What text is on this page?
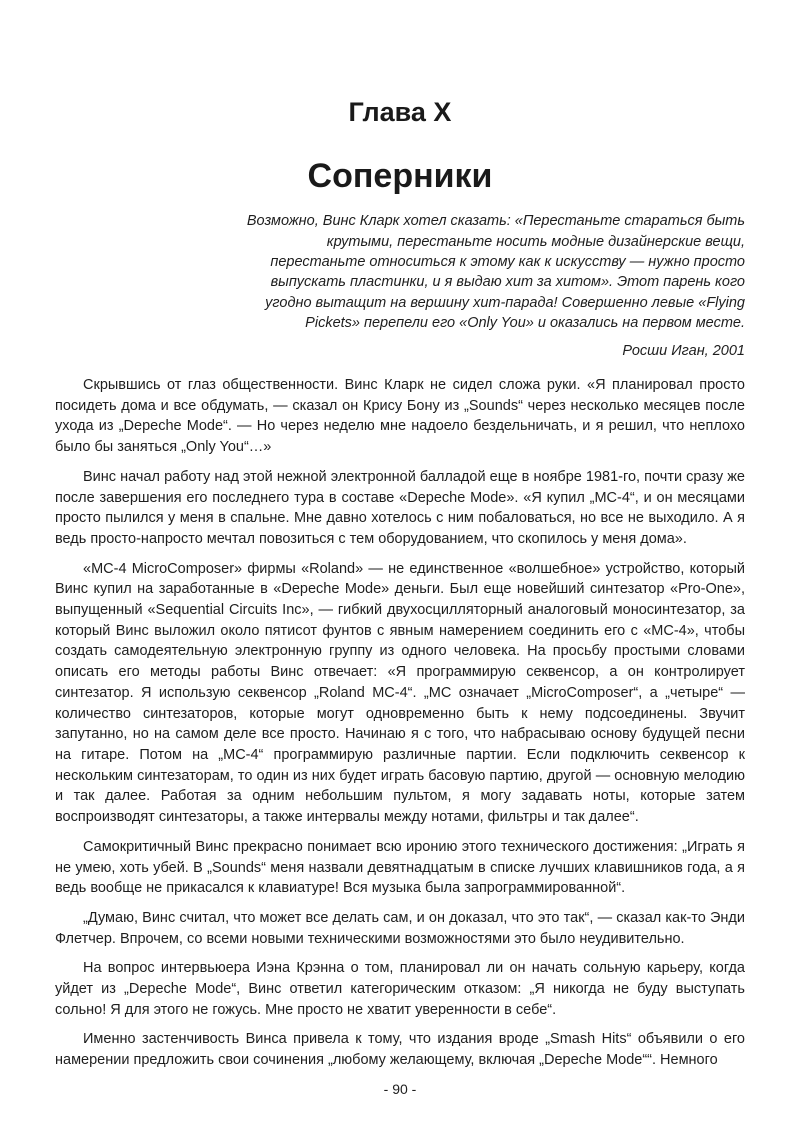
Глава X
Соперники
Возможно, Винс Кларк хотел сказать: «Перестаньте стараться быть крутыми, перестаньте носить модные дизайнерские вещи, перестаньте относиться к этому как к искусству — нужно просто выпускать пластинки, и я выдаю хит за хитом». Этот парень кого угодно вытащит на вершину хит-парада! Совершенно левые «Flying Pickets» перепели его «Only You» и оказались на первом месте.
Росши Иган, 2001

Скрывшись от глаз общественности. Винс Кларк не сидел сложа руки. «Я планировал просто посидеть дома и все обдумать, — сказал он Крису Бону из „Sounds“ через несколько месяцев после ухода из „Depeche Mode“. — Но через неделю мне надоело бездельничать, и я решил, что неплохо было бы заняться „Only You“…»

Винс начал работу над этой нежной электронной балладой еще в ноябре 1981-го, почти сразу же после завершения его последнего тура в составе «Depeche Mode». «Я купил „MC-4“, и он месяцами просто пылился у меня в спальне. Мне давно хотелось с ним побаловаться, но все не выходило. А я ведь просто-напросто мечтал повозиться с тем оборудованием, что скопилось у меня дома».

«MC-4 MicroComposer» фирмы «Roland» — не единственное «волшебное» устройство, который Винс купил на заработанные в «Depeche Mode» деньги. Был еще новейший синтезатор «Pro-One», выпущенный «Sequential Circuits Inc», — гибкий двухосцилляторный аналоговый моносинтезатор, за который Винс выложил около пятисот фунтов с явным намерением соединить его с «MC-4», чтобы создать самодеятельную электронную группу из одного человека. На просьбу простыми словами описать его методы работы Винс отвечает: «Я программирую секвенсор, а он контролирует синтезатор. Я использую секвенсор „Roland MC-4“. „MC означает „MicroComposer“, а „четыре“ — количество синтезаторов, которые могут одновременно быть к нему подсоединены. Звучит запутанно, но на самом деле все просто. Начинаю я с того, что набрасываю основу будущей песни на гитаре. Потом на „MC-4“ программирую различные партии. Если подключить секвенсор к нескольким синтезаторам, то один из них будет играть басовую партию, другой — основную мелодию и так далее. Работая за одним небольшим пультом, я могу задавать ноты, которые затем воспроизводят синтезаторы, а также интервалы между нотами, фильтры и так далее“.

Самокритичный Винс прекрасно понимает всю иронию этого технического достижения: „Играть я не умею, хоть убей. В „Sounds“ меня назвали девятнадцатым в списке лучших клавишников года, а я ведь вообще не прикасался к клавиатуре! Вся музыка была запрограммированной“.

„Думаю, Винс считал, что может все делать сам, и он доказал, что это так“, — сказал как-то Энди Флетчер. Впрочем, со всеми новыми техническими возможностями это было неудивительно.

На вопрос интервьюера Иэна Крэнна о том, планировал ли он начать сольную карьеру, когда уйдет из „Depeche Mode“, Винс ответил категорическим отказом: „Я никогда не буду выступать сольно! Я для этого не гожусь. Мне просто не хватит уверенности в себе“.

Именно застенчивость Винса привела к тому, что издания вроде „Smash Hits“ объявили о его намерении предложить свои сочинения „любому желающему, включая „Depeche Mode““. Немного

- 90 -
